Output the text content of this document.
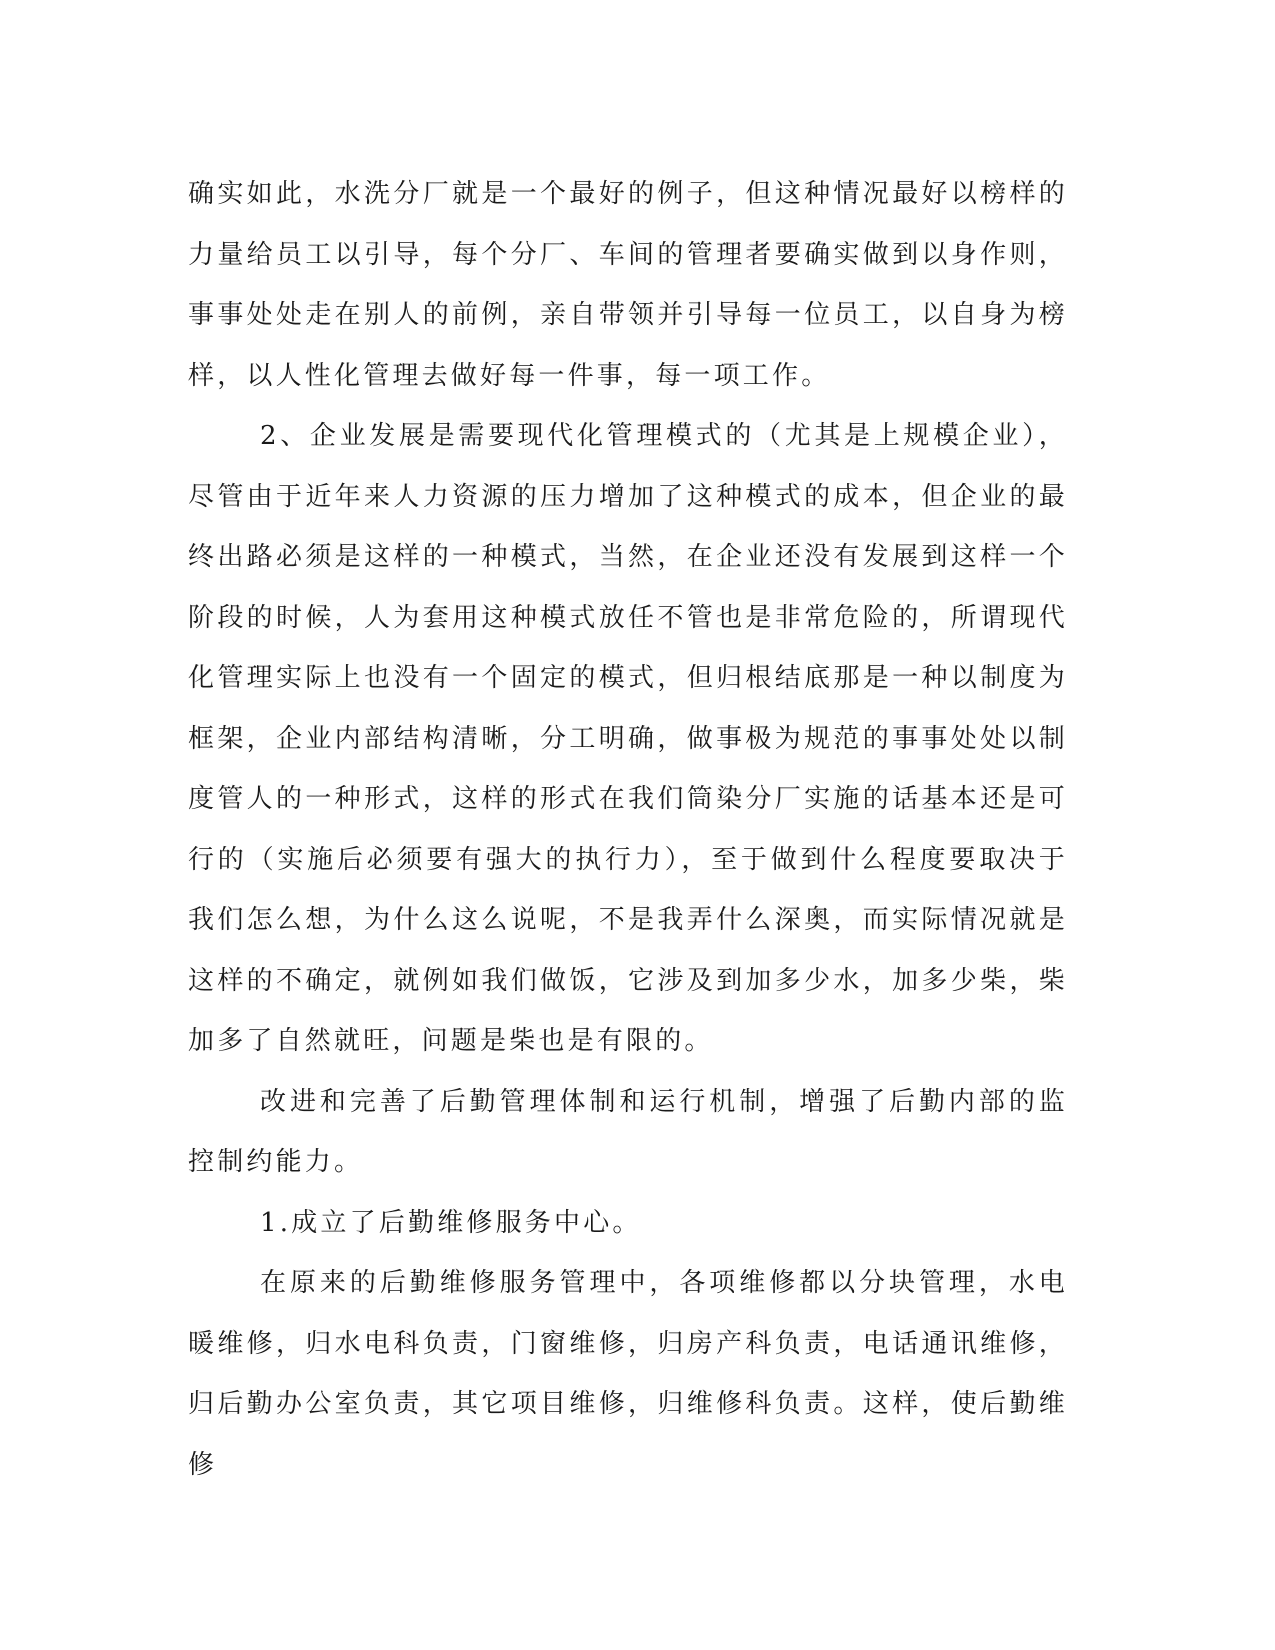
确实如此，水洗分厂就是一个最好的例子，但这种情况最好以榜样的力量给员工以引导，每个分厂、车间的管理者要确实做到以身作则，事事处处走在别人的前例，亲自带领并引导每一位员工，以自身为榜样，以人性化管理去做好每一件事，每一项工作。

2、企业发展是需要现代化管理模式的（尤其是上规模企业），尽管由于近年来人力资源的压力增加了这种模式的成本，但企业的最终出路必须是这样的一种模式，当然，在企业还没有发展到这样一个阶段的时候，人为套用这种模式放任不管也是非常危险的，所谓现代化管理实际上也没有一个固定的模式，但归根结底那是一种以制度为框架，企业内部结构清晰，分工明确，做事极为规范的事事处处以制度管人的一种形式，这样的形式在我们筒染分厂实施的话基本还是可行的（实施后必须要有强大的执行力），至于做到什么程度要取决于我们怎么想，为什么这么说呢，不是我弄什么深奥，而实际情况就是这样的不确定，就例如我们做饭，它涉及到加多少水，加多少柴，柴加多了自然就旺，问题是柴也是有限的。

改进和完善了后勤管理体制和运行机制，增强了后勤内部的监控制约能力。

1.成立了后勤维修服务中心。

在原来的后勤维修服务管理中，各项维修都以分块管理，水电暖维修，归水电科负责，门窗维修，归房产科负责，电话通讯维修，归后勤办公室负责，其它项目维修，归维修科负责。这样，使后勤维修
